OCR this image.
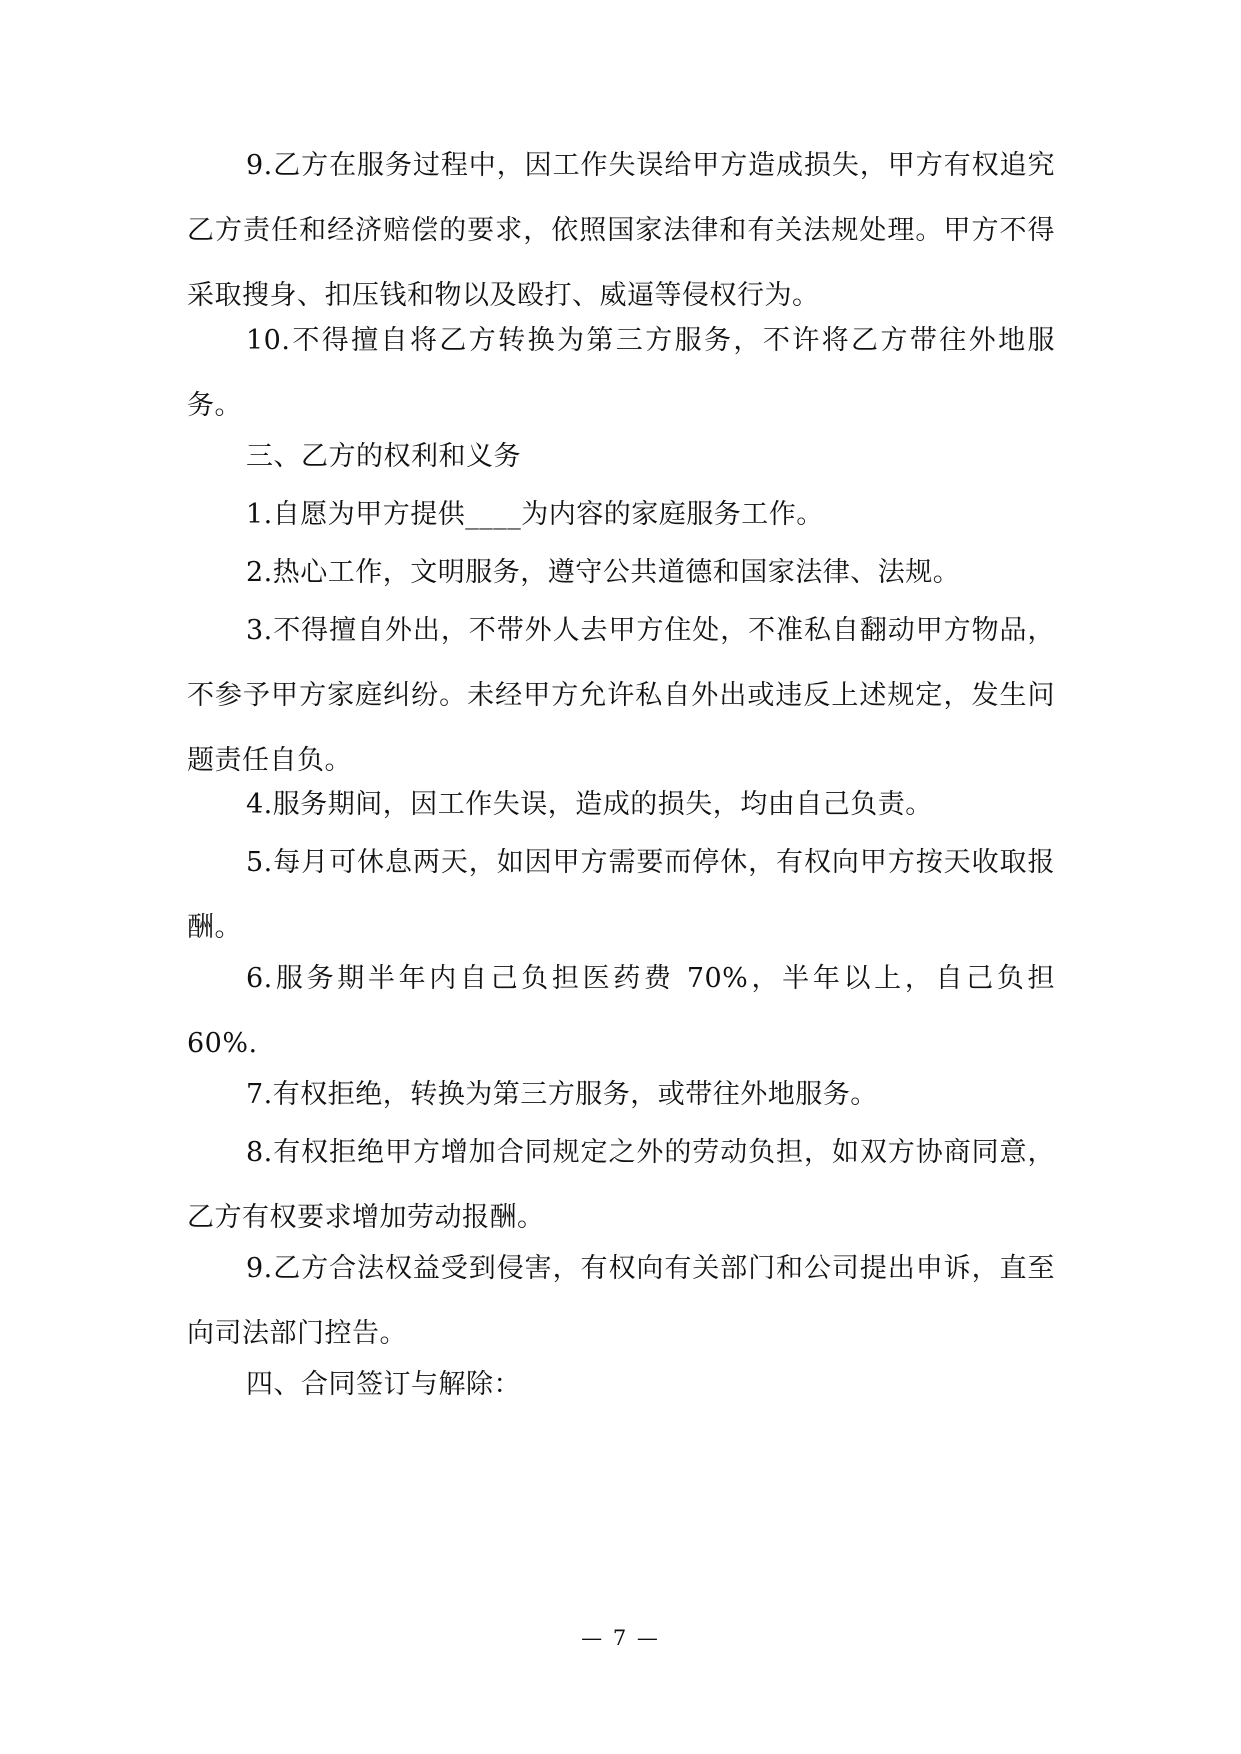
9.乙方在服务过程中，因工作失误给甲方造成损失，甲方有权追究乙方责任和经济赔偿的要求，依照国家法律和有关法规处理。甲方不得采取搜身、扣压钱和物以及殴打、威逼等侵权行为。

10.不得擅自将乙方转换为第三方服务，不许将乙方带往外地服务。

三、乙方的权利和义务

1.自愿为甲方提供____为内容的家庭服务工作。

2.热心工作，文明服务，遵守公共道德和国家法律、法规。

3.不得擅自外出，不带外人去甲方住处，不准私自翻动甲方物品，不参予甲方家庭纠纷。未经甲方允许私自外出或违反上述规定，发生问题责任自负。

4.服务期间，因工作失误，造成的损失，均由自己负责。

5.每月可休息两天，如因甲方需要而停休，有权向甲方按天收取报酬。

6.服务期半年内自己负担医药费 70%，半年以上，自己负担 60%.

7.有权拒绝，转换为第三方服务，或带往外地服务。

8.有权拒绝甲方增加合同规定之外的劳动负担，如双方协商同意，乙方有权要求增加劳动报酬。

9.乙方合法权益受到侵害，有权向有关部门和公司提出申诉，直至向司法部门控告。

四、合同签订与解除：

— 7 —
